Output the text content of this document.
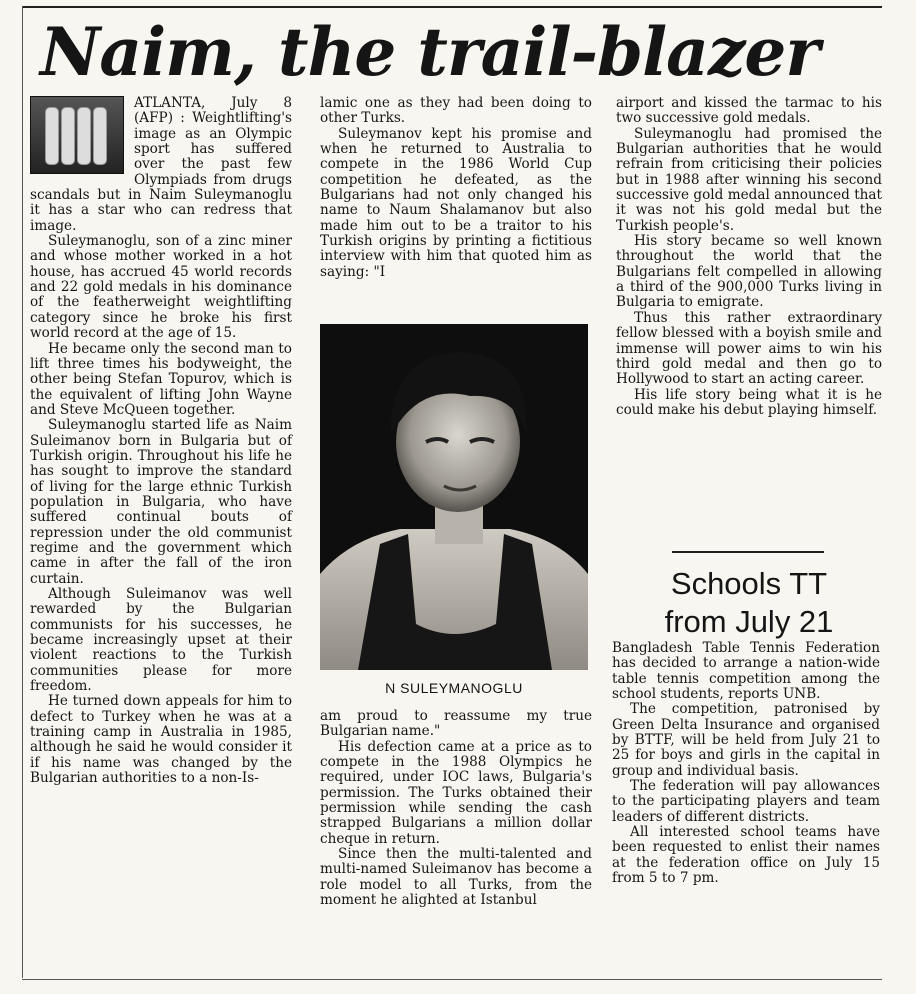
Naim, the trail-blazer

ATLANTA, July 8 (AFP) : Weightlifting's image as an Olympic sport has suffered over the past few Olympiads from drugs scandals but in Naim Suleymanoglu it has a star who can redress that image.

Suleymanoglu, son of a zinc miner and whose mother worked in a hot house, has accrued 45 world records and 22 gold medals in his dominance of the featherweight weightlifting category since he broke his first world record at the age of 15.

He became only the second man to lift three times his bodyweight, the other being Stefan Topurov, which is the equivalent of lifting John Wayne and Steve McQueen together.

Suleymanoglu started life as Naim Suleimanov born in Bulgaria but of Turkish origin. Throughout his life he has sought to improve the standard of living for the large ethnic Turkish population in Bulgaria, who have suffered continual bouts of repression under the old communist regime and the government which came in after the fall of the iron curtain.

Although Suleimanov was well rewarded by the Bulgarian communists for his successes, he became increasingly upset at their violent reactions to the Turkish communities please for more freedom.

He turned down appeals for him to defect to Turkey when he was at a training camp in Australia in 1985, although he said he would consider it if his name was changed by the Bulgarian authorities to a non-Is-

lamic one as they had been doing to other Turks.

Suleymanov kept his promise and when he returned to Australia to compete in the 1986 World Cup competition he defeated, as the Bulgarians had not only changed his name to Naum Shalamanov but also made him out to be a traitor to his Turkish origins by printing a fictitious interview with him that quoted him as saying: "I

N SULEYMANOGLU

am proud to reassume my true Bulgarian name."

His defection came at a price as to compete in the 1988 Olympics he required, under IOC laws, Bulgaria's permission. The Turks obtained their permission while sending the cash strapped Bulgarians a million dollar cheque in return.

Since then the multi-talented and multi-named Suleimanov has become a role model to all Turks, from the moment he alighted at Istanbul

airport and kissed the tarmac to his two successive gold medals.

Suleymanoglu had promised the Bulgarian authorities that he would refrain from criticising their policies but in 1988 after winning his second successive gold medal announced that it was not his gold medal but the Turkish people's.

His story became so well known throughout the world that the Bulgarians felt compelled in allowing a third of the 900,000 Turks living in Bulgaria to emigrate.

Thus this rather extraordinary fellow blessed with a boyish smile and immense will power aims to win his third gold medal and then go to Hollywood to start an acting career.

His life story being what it is he could make his debut playing himself.

Schools TT
from July 21

Bangladesh Table Tennis Federation has decided to arrange a nation-wide table tennis competition among the school students, reports UNB.

The competition, patronised by Green Delta Insurance and organised by BTTF, will be held from July 21 to 25 for boys and girls in the capital in group and individual basis.

The federation will pay allowances to the participating players and team leaders of different districts.

All interested school teams have been requested to enlist their names at the federation office on July 15 from 5 to 7 pm.
